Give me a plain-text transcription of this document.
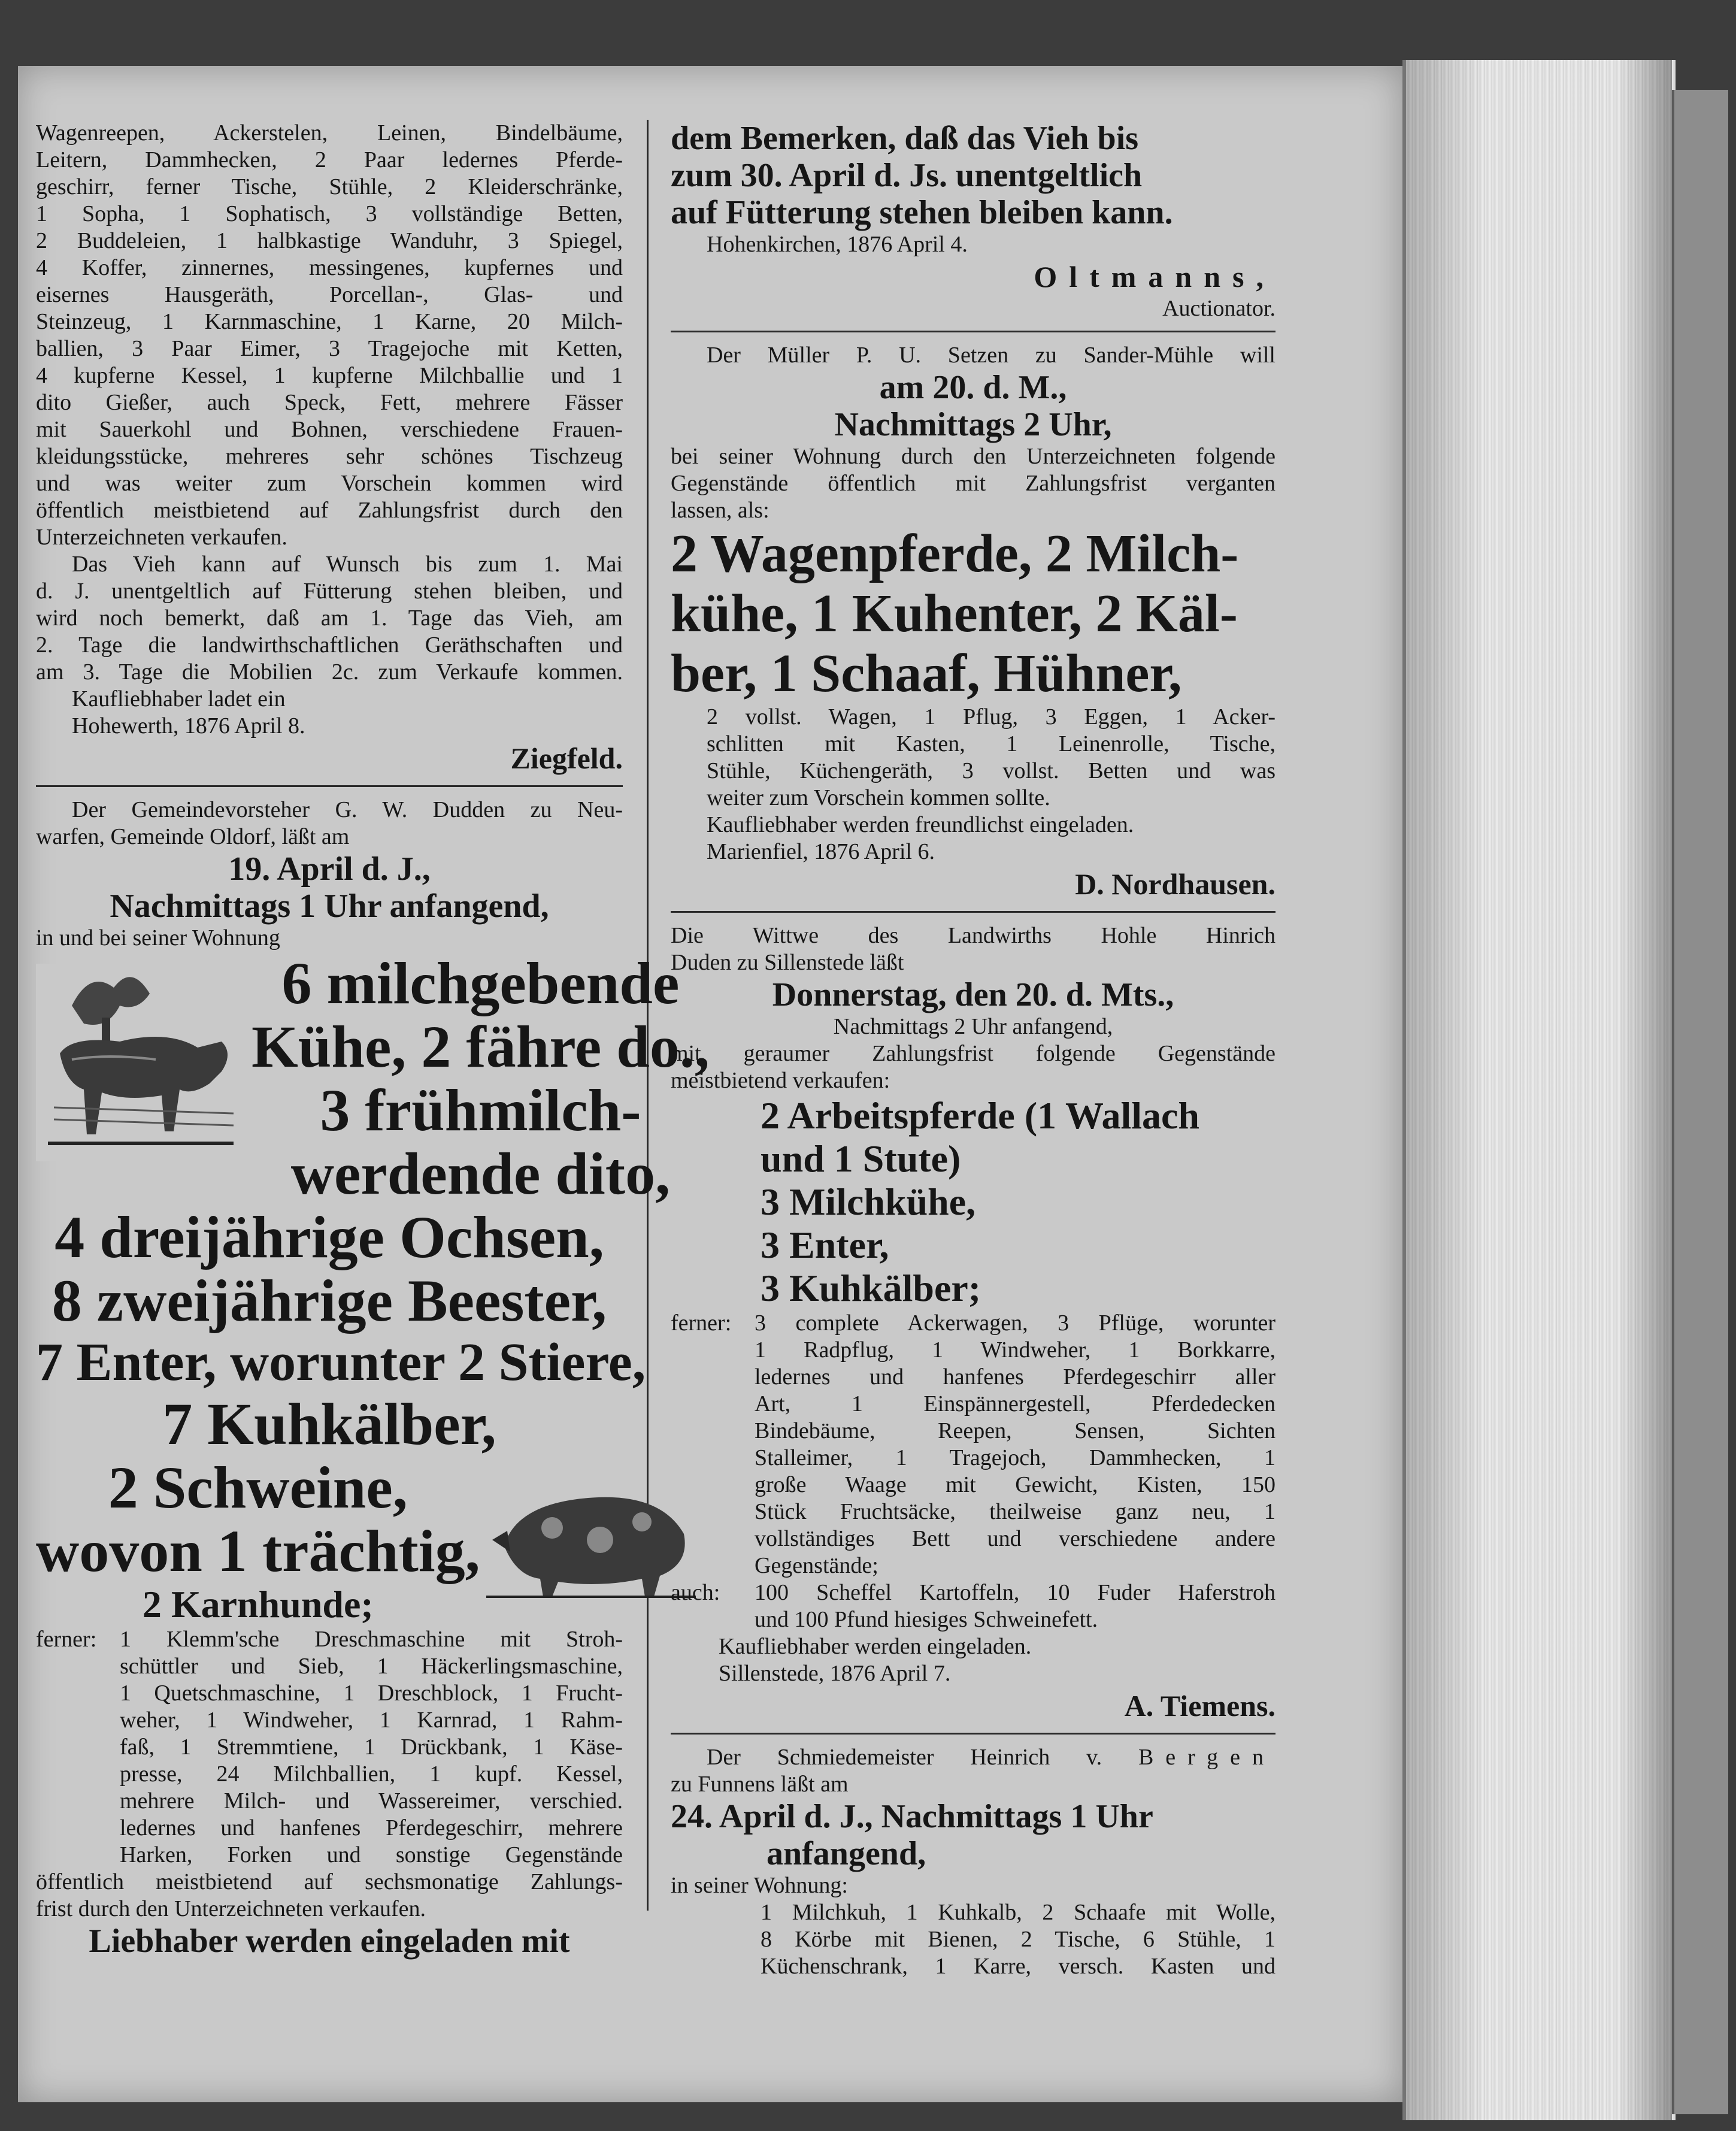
Wagenreepen, Ackerstelen, Leinen, Bindelbäume,

Leitern, Dammhecken, 2 Paar ledernes Pferde-

geschirr, ferner Tische, Stühle, 2 Kleiderschränke,

1 Sopha, 1 Sophatisch, 3 vollständige Betten,

2 Buddeleien, 1 halbkastige Wanduhr, 3 Spiegel,

4 Koffer, zinnernes, messingenes, kupfernes und

eisernes Hausgeräth, Porcellan-, Glas- und

Steinzeug, 1 Karnmaschine, 1 Karne, 20 Milch-

ballien, 3 Paar Eimer, 3 Tragejoche mit Ketten,

4 kupferne Kessel, 1 kupferne Milchballie und 1

dito Gießer, auch Speck, Fett, mehrere Fässer

mit Sauerkohl und Bohnen, verschiedene Frauen-

kleidungsstücke, mehreres sehr schönes Tischzeug

und was weiter zum Vorschein kommen wird

öffentlich meistbietend auf Zahlungsfrist durch den

Unterzeichneten verkaufen.

Das Vieh kann auf Wunsch bis zum 1. Mai

d. J. unentgeltlich auf Fütterung stehen bleiben, und

wird noch bemerkt, daß am 1. Tage das Vieh, am

2. Tage die landwirthschaftlichen Geräthschaften und

am 3. Tage die Mobilien 2c. zum Verkaufe kommen.

Kaufliebhaber ladet ein

Hohewerth, 1876 April 8.

Ziegfeld.

Der Gemeindevorsteher G. W. Dudden zu Neu-

warfen, Gemeinde Oldorf, läßt am

19. April d. J.,

Nachmittags 1 Uhr anfangend,

in und bei seiner Wohnung

6 milchgebende

Kühe, 2 fähre do.,

3 frühmilch-

werdende dito,

4 dreijährige Ochsen,

8 zweijährige Beester,

7 Enter, worunter 2 Stiere,

7 Kuhkälber,

2 Schweine,

wovon 1 trächtig,

2 Karnhunde;

ferner:	1 Klemm'sche Dreschmaschine mit Stroh-

schüttler und Sieb, 1 Häckerlingsmaschine,

1 Quetschmaschine, 1 Dreschblock, 1 Frucht-

weher, 1 Windweher, 1 Karnrad, 1 Rahm-

faß, 1 Stremmtiene, 1 Drückbank, 1 Käse-

presse, 24 Milchballien, 1 kupf. Kessel,

mehrere Milch- und Wassereimer, verschied.

ledernes und hanfenes Pferdegeschirr, mehrere

Harken, Forken und sonstige Gegenstände

öffentlich meistbietend auf sechsmonatige Zahlungs-

frist durch den Unterzeichneten verkaufen.

Liebhaber werden eingeladen mit

dem Bemerken, daß das Vieh bis

zum 30. April d. Js. unentgeltlich

auf Fütterung stehen bleiben kann.

Hohenkirchen, 1876 April 4.

Oltmanns,

Auctionator.

Der Müller P. U. Setzen zu Sander-Mühle will

am 20. d. M.,

Nachmittags 2 Uhr,

bei seiner Wohnung durch den Unterzeichneten folgende

Gegenstände öffentlich mit Zahlungsfrist verganten

lassen, als:

2 Wagenpferde, 2 Milch-

kühe, 1 Kuhenter, 2 Käl-

ber, 1 Schaaf, Hühner,

2 vollst. Wagen, 1 Pflug, 3 Eggen, 1 Acker-

schlitten mit Kasten, 1 Leinenrolle, Tische,

Stühle, Küchengeräth, 3 vollst. Betten und was

weiter zum Vorschein kommen sollte.

Kaufliebhaber werden freundlichst eingeladen.

Marienfiel, 1876 April 6.

D. Nordhausen.

Die Wittwe des Landwirths Hohle Hinrich

Duden zu Sillenstede läßt

Donnerstag, den 20. d. Mts.,

Nachmittags 2 Uhr anfangend,

mit geraumer Zahlungsfrist folgende Gegenstände

meistbietend verkaufen:

2 Arbeitspferde (1 Wallach

und 1 Stute)

3 Milchkühe,

3 Enter,

3 Kuhkälber;

ferner:	3 complete Ackerwagen, 3 Pflüge, worunter

1 Radpflug, 1 Windweher, 1 Borkkarre,

ledernes und hanfenes Pferdegeschirr aller

Art, 1 Einspännergestell, Pferdedecken

Bindebäume, Reepen, Sensen, Sichten

Stalleimer, 1 Tragejoch, Dammhecken, 1

große Waage mit Gewicht, Kisten, 150

Stück Fruchtsäcke, theilweise ganz neu, 1

vollständiges Bett und verschiedene andere

Gegenstände;

auch:	100 Scheffel Kartoffeln, 10 Fuder Haferstroh

und 100 Pfund hiesiges Schweinefett.

Kaufliebhaber werden eingeladen.

Sillenstede, 1876 April 7.

A. Tiemens.

Der Schmiedemeister Heinrich v. Bergen

zu Funnens läßt am

24. April d. J., Nachmittags 1 Uhr

anfangend,

in seiner Wohnung:

1 Milchkuh, 1 Kuhkalb, 2 Schaafe mit Wolle,

8 Körbe mit Bienen, 2 Tische, 6 Stühle, 1

Küchenschrank, 1 Karre, versch. Kasten und
